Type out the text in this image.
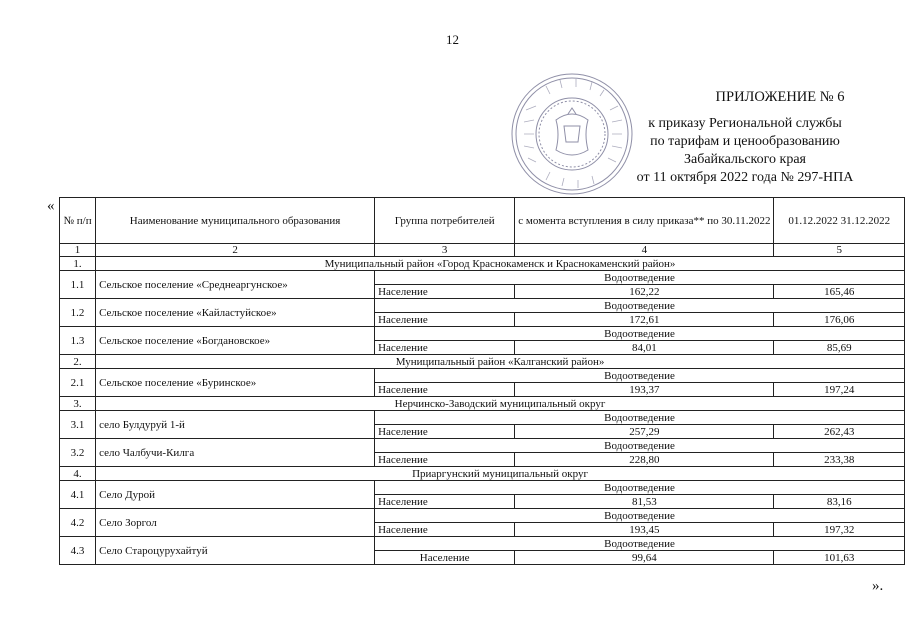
12
ПРИЛОЖЕНИЕ № 6
к приказу Региональной службы
по тарифам и ценообразованию
Забайкальского края
от 11 октября 2022 года № 297-НПА
«
».
№ п/п	Наименование муниципального образования	Группа потребителей	с момента вступления в силу приказа** по 30.11.2022	01.12.2022 31.12.2022
1	2	3	4	5
1.	Муниципальный район «Город Краснокаменск и Краснокаменский район»			
1.1	Сельское поселение «Среднеаргунское»	Водоотведение		
		Население	162,22	165,46
1.2	Сельское поселение «Кайластуйское»	Водоотведение		
		Население	172,61	176,06
1.3	Сельское поселение «Богдановское»	Водоотведение		
		Население	84,01	85,69
2.	Муниципальный район «Калганский район»			
2.1	Сельское поселение «Буринское»	Водоотведение		
		Население	193,37	197,24
3.	Нерчинско-Заводский муниципальный округ			
3.1	село Булдуруй 1-й	Водоотведение		
		Население	257,29	262,43
3.2	село Чалбучи-Килга	Водоотведение		
		Население	228,80	233,38
4.	Приаргунский муниципальный округ			
4.1	Село Дурой	Водоотведение		
		Население	81,53	83,16
4.2	Село Зоргол	Водоотведение		
		Население	193,45	197,32
4.3	Село Староцурухайтуй	Водоотведение		
		Население	99,64	101,63
